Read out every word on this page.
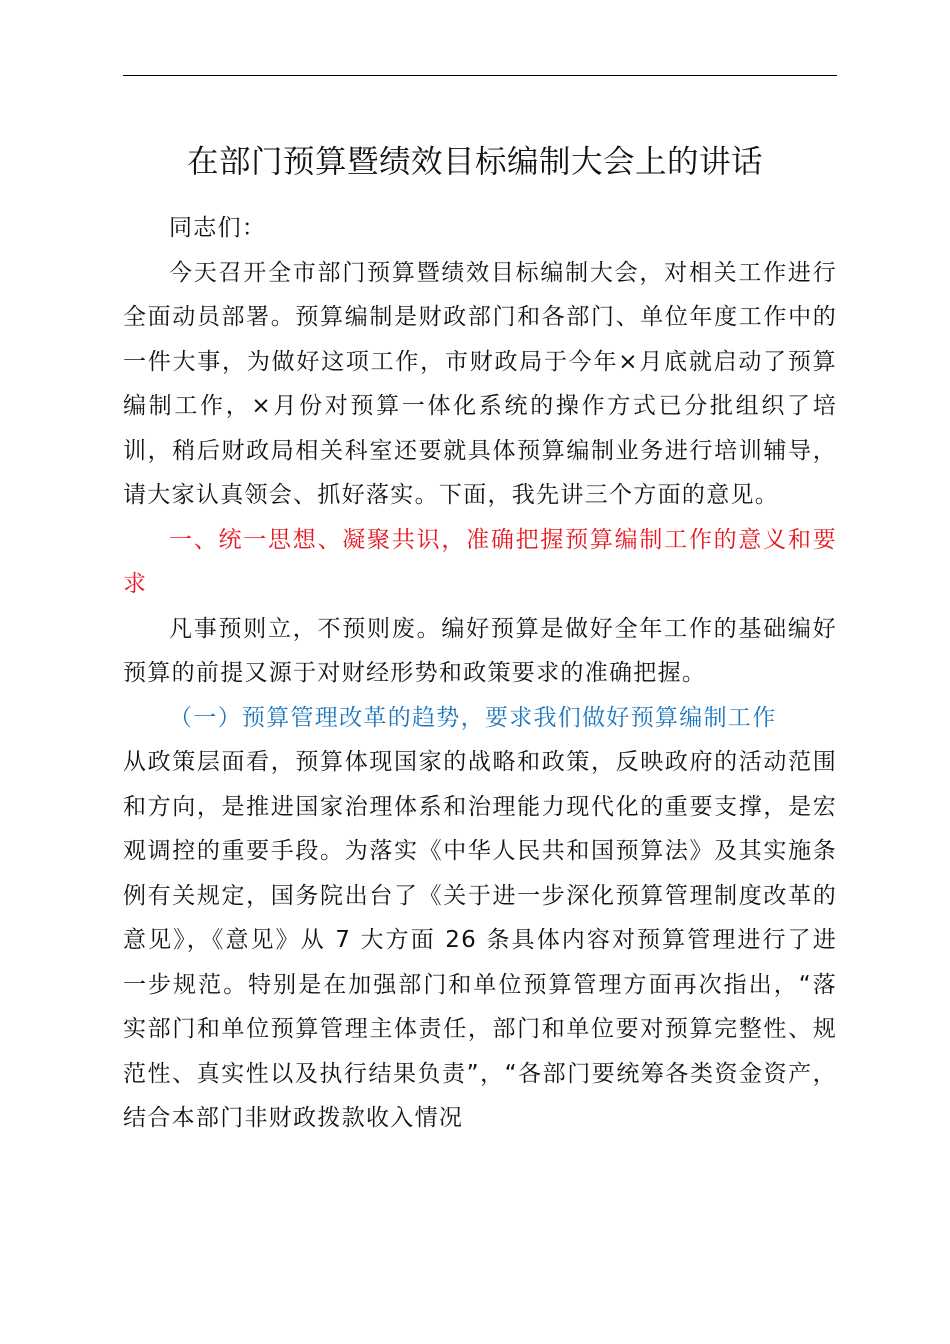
在部门预算暨绩效目标编制大会上的讲话

同志们：

今天召开全市部门预算暨绩效目标编制大会，对相关工作进行全面动员部署。预算编制是财政部门和各部门、单位年度工作中的一件大事，为做好这项工作，市财政局于今年×月底就启动了预算编制工作，×月份对预算一体化系统的操作方式已分批组织了培训，稍后财政局相关科室还要就具体预算编制业务进行培训辅导，请大家认真领会、抓好落实。下面，我先讲三个方面的意见。

一、统一思想、凝聚共识，准确把握预算编制工作的意义和要求

凡事预则立，不预则废。编好预算是做好全年工作的基础编好预算的前提又源于对财经形势和政策要求的准确把握。

（一）预算管理改革的趋势，要求我们做好预算编制工作

从政策层面看，预算体现国家的战略和政策，反映政府的活动范围和方向，是推进国家治理体系和治理能力现代化的重要支撑，是宏观调控的重要手段。为落实《中华人民共和国预算法》及其实施条例有关规定，国务院出台了《关于进一步深化预算管理制度改革的意见》，《意见》从 7 大方面 26 条具体内容对预算管理进行了进一步规范。特别是在加强部门和单位预算管理方面再次指出，“落实部门和单位预算管理主体责任，部门和单位要对预算完整性、规范性、真实性以及执行结果负责”，“各部门要统筹各类资金资产，结合本部门非财政拨款收入情况
